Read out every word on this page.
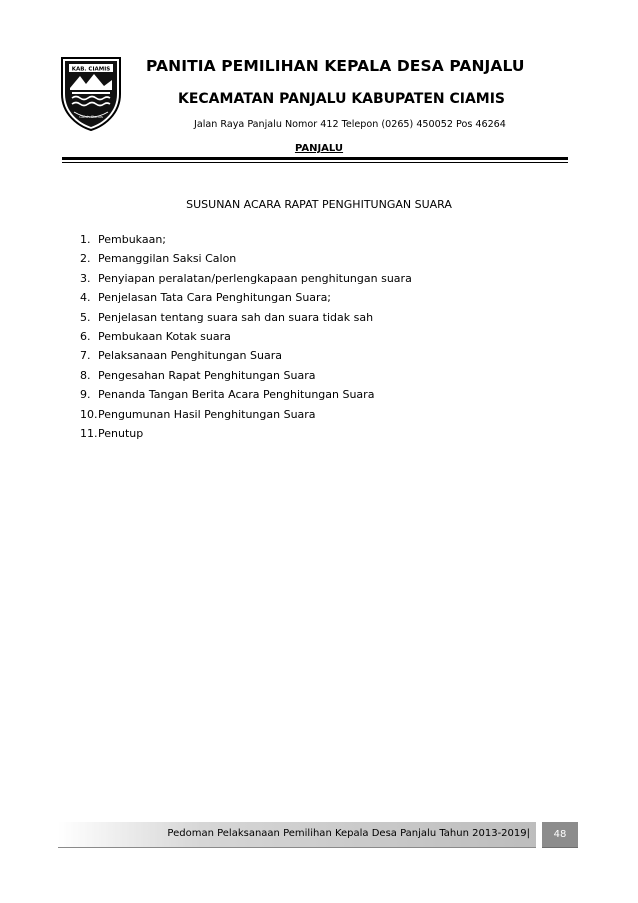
KAB. CIAMIS
Galuh Ciamis
PANITIA PEMILIHAN KEPALA DESA PANJALU
KECAMATAN PANJALU KABUPATEN CIAMIS
Jalan Raya Panjalu Nomor 412 Telepon (0265) 450052 Pos 46264
PANJALU
SUSUNAN ACARA RAPAT PENGHITUNGAN SUARA
1. Pembukaan;
2. Pemanggilan Saksi Calon
3. Penyiapan peralatan/perlengkapaan penghitungan suara
4. Penjelasan Tata Cara Penghitungan Suara;
5. Penjelasan tentang suara sah dan suara tidak sah
6. Pembukaan Kotak suara
7. Pelaksanaan Penghitungan Suara
8. Pengesahan Rapat Penghitungan Suara
9. Penanda Tangan Berita Acara Penghitungan Suara
10. Pengumunan Hasil Penghitungan Suara
11. Penutup
Pedoman Pelaksanaan Pemilihan Kepala Desa Panjalu Tahun 2013-2019|	48
